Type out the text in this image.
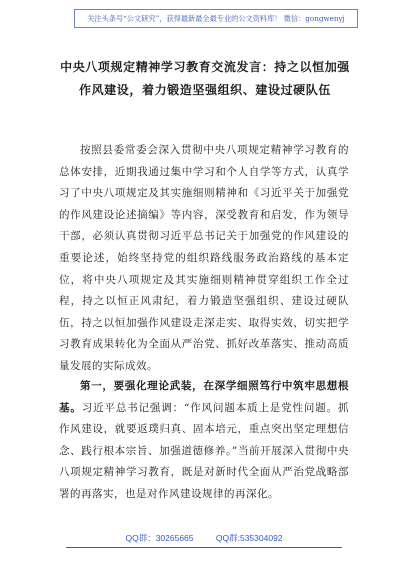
关注头条号“公文研究”，获得最新最全最专业的公文资料库！ 微信：gongwenyj
中央八项规定精神学习教育交流发言：持之以恒加强作风建设，着力锻造坚强组织、建设过硬队伍
按照县委常委会深入贯彻中央八项规定精神学习教育的总体安排，近期我通过集中学习和个人自学等方式，认真学习了中央八项规定及其实施细则精神和《习近平关于加强党的作风建设论述摘编》等内容，深受教育和启发，作为领导干部，必须认真贯彻习近平总书记关于加强党的作风建设的重要论述，始终坚持党的组织路线服务政治路线的基本定位，将中央八项规定及其实施细则精神贯穿组织工作全过程，持之以恒正风肃纪，着力锻造坚强组织、建设过硬队伍，持之以恒加强作风建设走深走实、取得实效，切实把学习教育成果转化为全面从严治党、抓好改革落实、推动高质量发展的实际成效。
第一，要强化理论武装，在深学细照笃行中筑牢思想根基。习近平总书记强调：“作风问题本质上是党性问题。抓作风建设，就要返璞归真、固本培元，重点突出坚定理想信念、践行根本宗旨、加强道德修养。”当前开展深入贯彻中央八项规定精神学习教育，既是对新时代全面从严治党战略部署的再落实，也是对作风建设规律的再深化。
QQ群：30265665	QQ群:535304092
